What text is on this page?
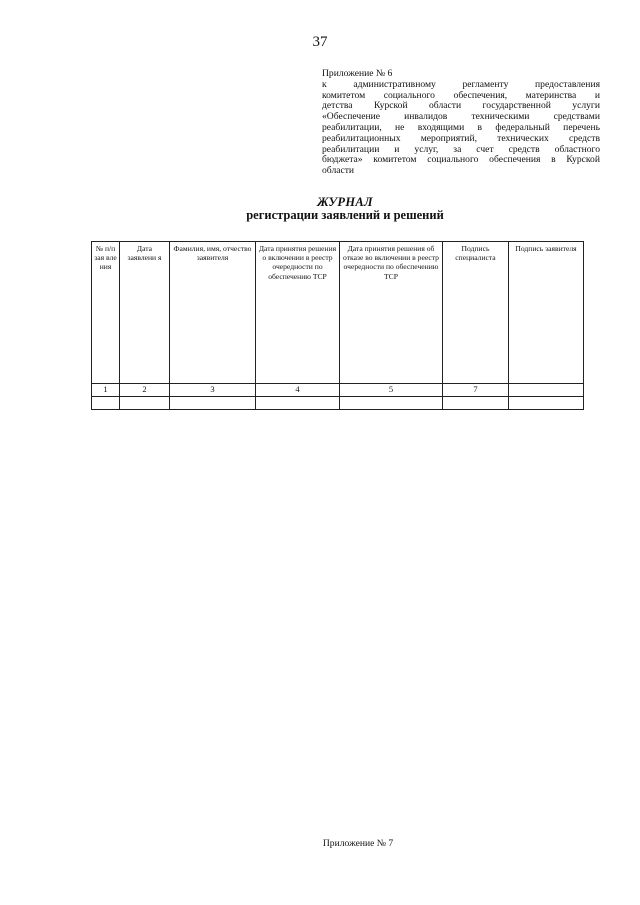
37
Приложение № 6
к административному регламенту предоставления
комитетом социального обеспечения, материнства и
детства Курской области государственной услуги
«Обеспечение инвалидов техническими средствами
реабилитации, не входящими в федеральный перечень
реабилитационных мероприятий, технических средств
реабилитации и услуг, за счет средств областного
бюджета» комитетом социального обеспечения в Курской
области
ЖУРНАЛ
регистрации заявлений и решений
№ п/п зая вле ния	Дата заявлени я	Фамилия, имя, отчество заявителя	Дата принятия решения о включении в реестр очередности по обеспечению ТСР	Дата принятия решения об отказе во включении в реестр очередности по обеспечению ТСР	Подпись специалиста	Подпись заявителя
1	2	3	4	5	7	

Приложение № 7
